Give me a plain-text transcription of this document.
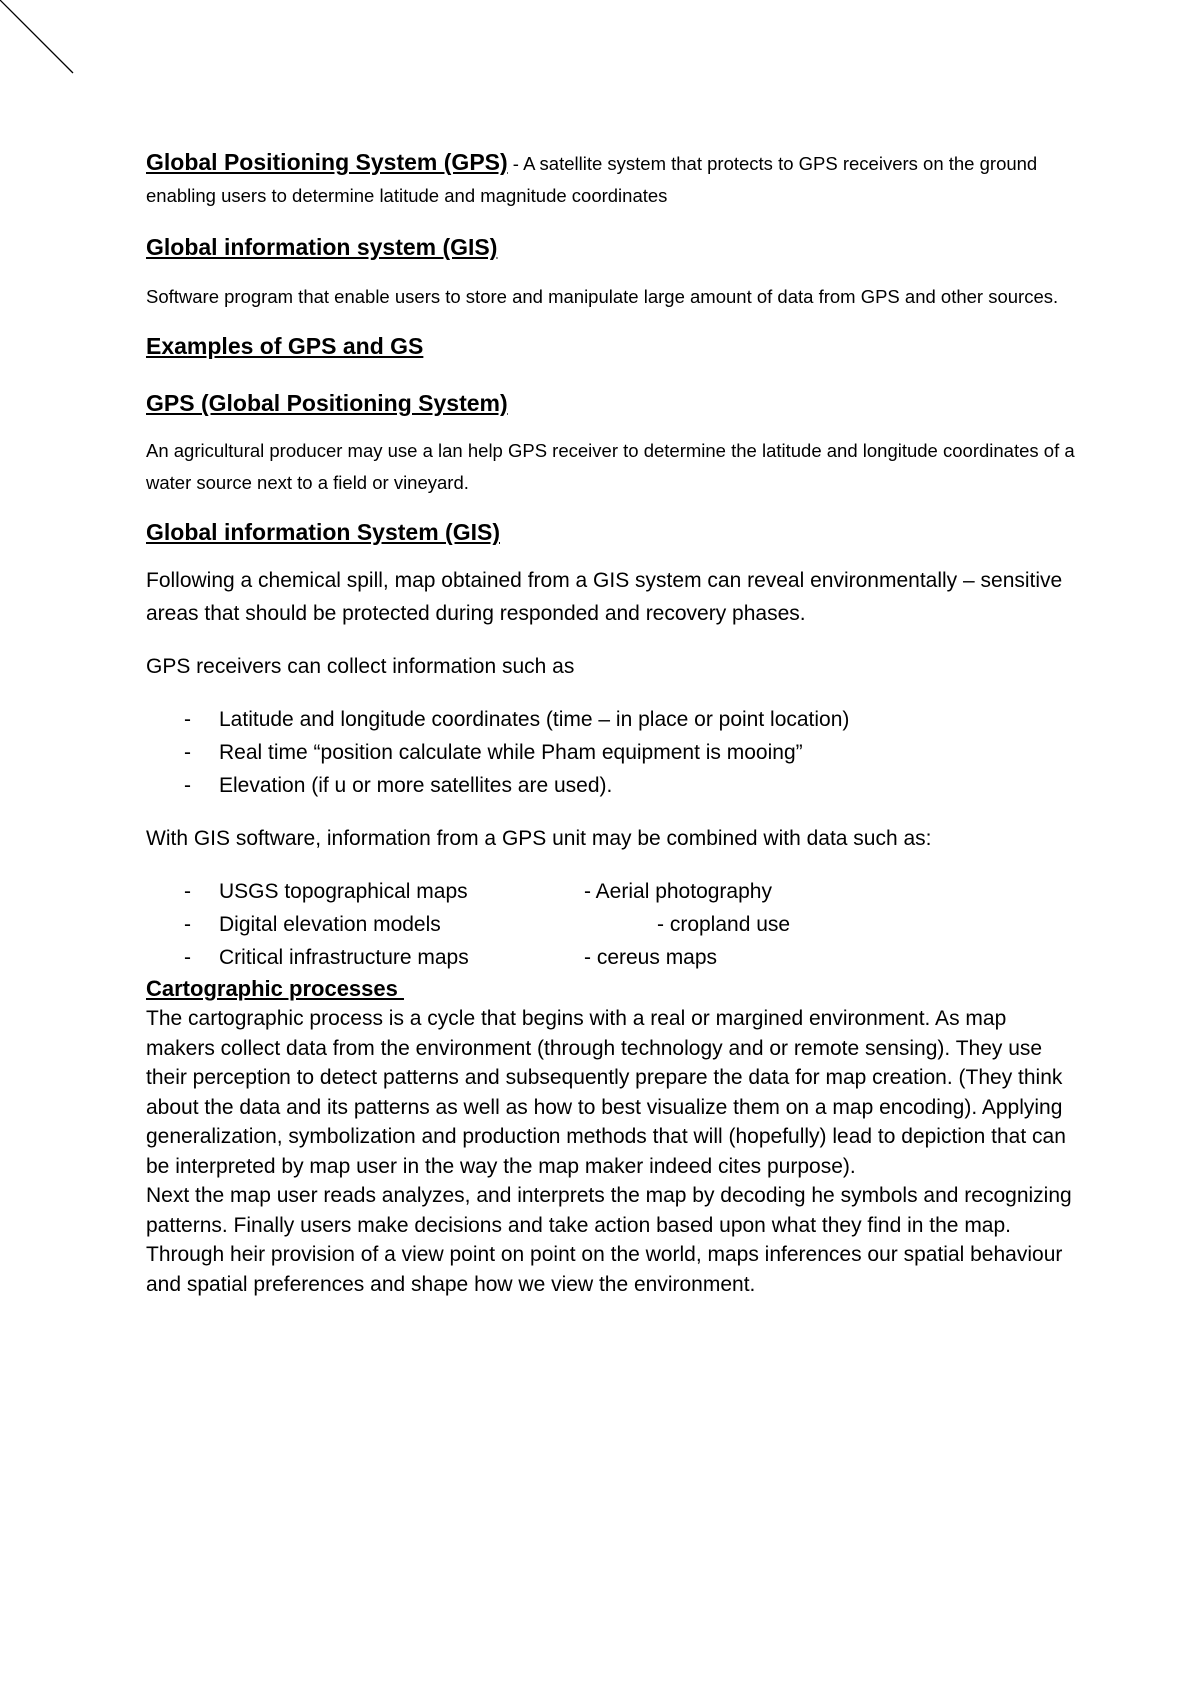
Global Positioning System (GPS) - A satellite system that protects to GPS receivers on the ground enabling users to determine latitude and magnitude coordinates

Global information system (GIS)

Software program that enable users to store and manipulate large amount of data from GPS and other sources.

Examples of GPS and GS
GPS (Global Positioning System)

An agricultural producer may use a lan help GPS receiver to determine the latitude and longitude coordinates of a water source next to a field or vineyard.

Global information System (GIS)

Following a chemical spill, map obtained from a GIS system can reveal environmentally – sensitive areas that should be protected during responded and recovery phases.

GPS receivers can collect information such as

- Latitude and longitude coordinates (time – in place or point location)
- Real time “position calculate while Pham equipment is mooing”
- Elevation (if u or more satellites are used).

With GIS software, information from a GPS unit may be combined with data such as:

- USGS topographical maps	- Aerial photography
- Digital elevation models	- cropland use
- Critical infrastructure maps	- cereus maps
Cartographic processes

The cartographic process is a cycle that begins with a real or margined environment. As map makers collect data from the environment (through technology and or remote sensing). They use their perception to detect patterns and subsequently prepare the data for map creation. (They think about the data and its patterns as well as how to best visualize them on a map encoding). Applying generalization, symbolization and production methods that will (hopefully) lead to depiction that can be interpreted by map user in the way the map maker indeed cites purpose).

Next the map user reads analyzes, and interprets the map by decoding he symbols and recognizing patterns. Finally users make decisions and take action based upon what they find in the map. Through heir provision of a view point on point on the world, maps inferences our spatial behaviour and spatial preferences and shape how we view the environment.
